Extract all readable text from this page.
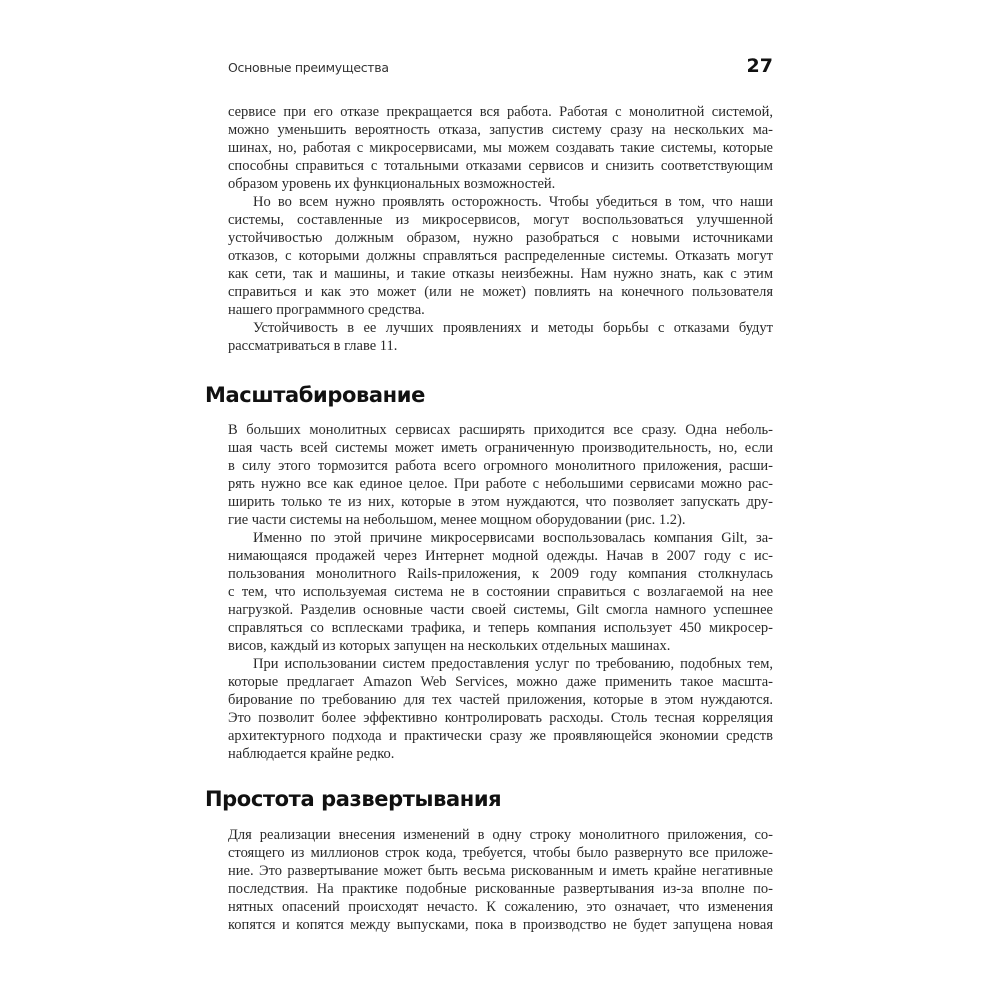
Основные преимущества	27
сервисе при его отказе прекращается вся работа. Работая с монолитной системой,
можно уменьшить вероятность отказа, запустив систему сразу на нескольких ма-
шинах, но, работая с микросервисами, мы можем создавать такие системы, которые
способны справиться с тотальными отказами сервисов и снизить соответствующим
образом уровень их функциональных возможностей.
Но во всем нужно проявлять осторожность. Чтобы убедиться в том, что наши
системы, составленные из микросервисов, могут воспользоваться улучшенной
устойчивостью должным образом, нужно разобраться с новыми источниками
отказов, с которыми должны справляться распределенные системы. Отказать могут
как сети, так и машины, и такие отказы неизбежны. Нам нужно знать, как с этим
справиться и как это может (или не может) повлиять на конечного пользователя
нашего программного средства.
Устойчивость в ее лучших проявлениях и методы борьбы с отказами будут
рассматриваться в главе 11.
Масштабирование
В больших монолитных сервисах расширять приходится все сразу. Одна неболь-
шая часть всей системы может иметь ограниченную производительность, но, если
в силу этого тормозится работа всего огромного монолитного приложения, расши-
рять нужно все как единое целое. При работе с небольшими сервисами можно рас-
ширить только те из них, которые в этом нуждаются, что позволяет запускать дру-
гие части системы на небольшом, менее мощном оборудовании (рис. 1.2).
Именно по этой причине микросервисами воспользовалась компания Gilt, за-
нимающаяся продажей через Интернет модной одежды. Начав в 2007 году с ис-
пользования монолитного Rails-приложения, к 2009 году компания столкнулась
с тем, что используемая система не в состоянии справиться с возлагаемой на нее
нагрузкой. Разделив основные части своей системы, Gilt смогла намного успешнее
справляться со всплесками трафика, и теперь компания использует 450 микросер-
висов, каждый из которых запущен на нескольких отдельных машинах.
При использовании систем предоставления услуг по требованию, подобных тем,
которые предлагает Amazon Web Services, можно даже применить такое масшта-
бирование по требованию для тех частей приложения, которые в этом нуждаются.
Это позволит более эффективно контролировать расходы. Столь тесная корреляция
архитектурного подхода и практически сразу же проявляющейся экономии средств
наблюдается крайне редко.
Простота развертывания
Для реализации внесения изменений в одну строку монолитного приложения, со-
стоящего из миллионов строк кода, требуется, чтобы было развернуто все приложе-
ние. Это развертывание может быть весьма рискованным и иметь крайне негативные
последствия. На практике подобные рискованные развертывания из-за вполне по-
нятных опасений происходят нечасто. К сожалению, это означает, что изменения
копятся и копятся между выпусками, пока в производство не будет запущена новая
